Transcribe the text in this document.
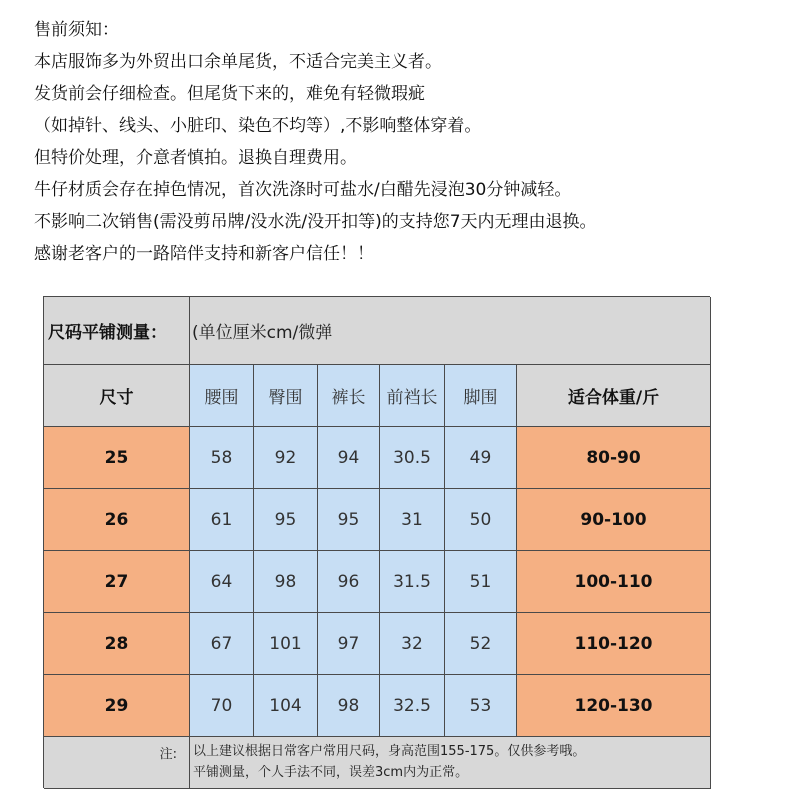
售前须知：
本店服饰多为外贸出口余单尾货，不适合完美主义者。
发货前会仔细检查。但尾货下来的，难免有轻微瑕疵
（如掉针、线头、小脏印、染色不均等）,不影响整体穿着。
但特价处理，介意者慎拍。退换自理费用。
牛仔材质会存在掉色情况，首次洗涤时可盐水/白醋先浸泡30分钟减轻。
不影响二次销售(需没剪吊牌/没水洗/没开扣等)的支持您7天内无理由退换。
感谢老客户的一路陪伴支持和新客户信任！！
尺码平铺测量：	(单位厘米cm/微弹
尺寸	腰围	臀围	裤长	前裆长	脚围	适合体重/斤
25	58	92	94	30.5	49	80-90
26	61	95	95	31	50	90-100
27	64	98	96	31.5	51	100-110
28	67	101	97	32	52	110-120
29	70	104	98	32.5	53	120-130
注:	以上建议根据日常客户常用尺码，身高范围155-175。仅供参考哦。
平铺测量，个人手法不同，误差3cm内为正常。
